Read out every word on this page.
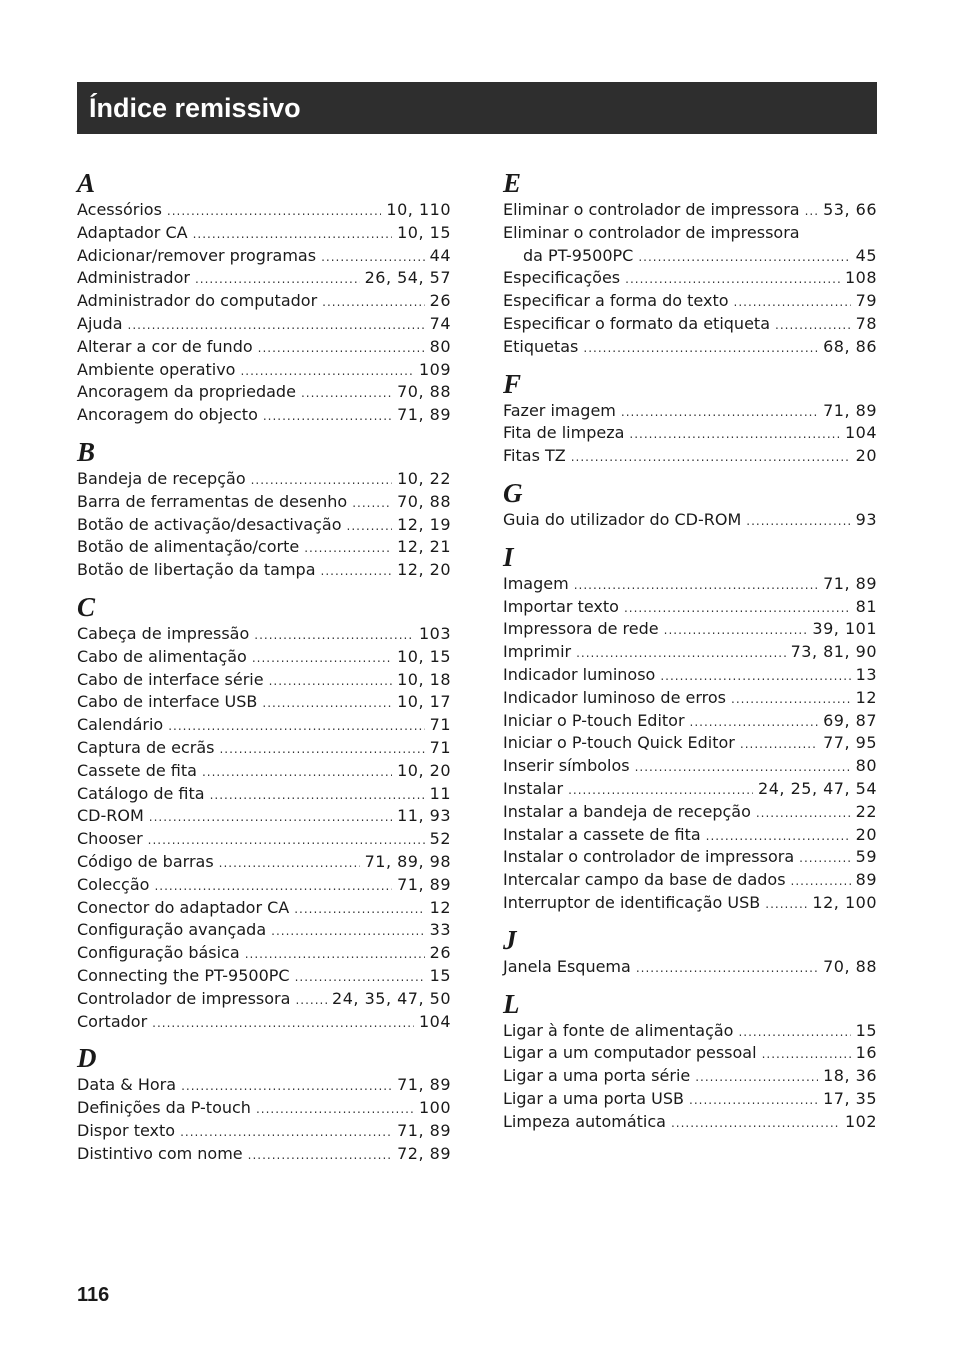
Índice remissivo
A
Acessórios .....	10, 110
Adaptador CA .....	10, 15
Adicionar/remover programas .....	44
Administrador .....	26, 54, 57
Administrador do computador .....	26
Ajuda .....	74
Alterar a cor de fundo .....	80
Ambiente operativo .....	109
Ancoragem da propriedade .....	70, 88
Ancoragem do objecto .....	71, 89
B
Bandeja de recepção .....	10, 22
Barra de ferramentas de desenho .....	70, 88
Botão de activação/desactivação .....	12, 19
Botão de alimentação/corte .....	12, 21
Botão de libertação da tampa .....	12, 20
C
Cabeça de impressão .....	103
Cabo de alimentação .....	10, 15
Cabo de interface série .....	10, 18
Cabo de interface USB .....	10, 17
Calendário .....	71
Captura de ecrãs .....	71
Cassete de fita .....	10, 20
Catálogo de fita .....	11
CD-ROM .....	11, 93
Chooser .....	52
Código de barras .....	71, 89, 98
Colecção .....	71, 89
Conector do adaptador CA .....	12
Configuração avançada .....	33
Configuração básica .....	26
Connecting the PT-9500PC .....	15
Controlador de impressora .....	24, 35, 47, 50
Cortador .....	104
D
Data & Hora .....	71, 89
Definições da P-touch .....	100
Dispor texto .....	71, 89
Distintivo com nome .....	72, 89
E
Eliminar o controlador de impressora ..... 53, 66
Eliminar o controlador de impressora
da PT-9500PC .....	45
Especificações .....	108
Especificar a forma do texto .....	79
Especificar o formato da etiqueta .....	78
Etiquetas .....	68, 86
F
Fazer imagem .....	71, 89
Fita de limpeza .....	104
Fitas TZ .....	20
G
Guia do utilizador do CD-ROM .....	93
I
Imagem .....	71, 89
Importar texto .....	81
Impressora de rede .....	39, 101
Imprimir .....	73, 81, 90
Indicador luminoso .....	13
Indicador luminoso de erros .....	12
Iniciar o P-touch Editor .....	69, 87
Iniciar o P-touch Quick Editor .....	77, 95
Inserir símbolos .....	80
Instalar .....	24, 25, 47, 54
Instalar a bandeja de recepção .....	22
Instalar a cassete de fita .....	20
Instalar o controlador de impressora .....	59
Intercalar campo da base de dados .....	89
Interruptor de identificação USB .....	12, 100
J
Janela Esquema .....	70, 88
L
Ligar à fonte de alimentação .....	15
Ligar a um computador pessoal .....	16
Ligar a uma porta série .....	18, 36
Ligar a uma porta USB .....	17, 35
Limpeza automática .....	102
116
